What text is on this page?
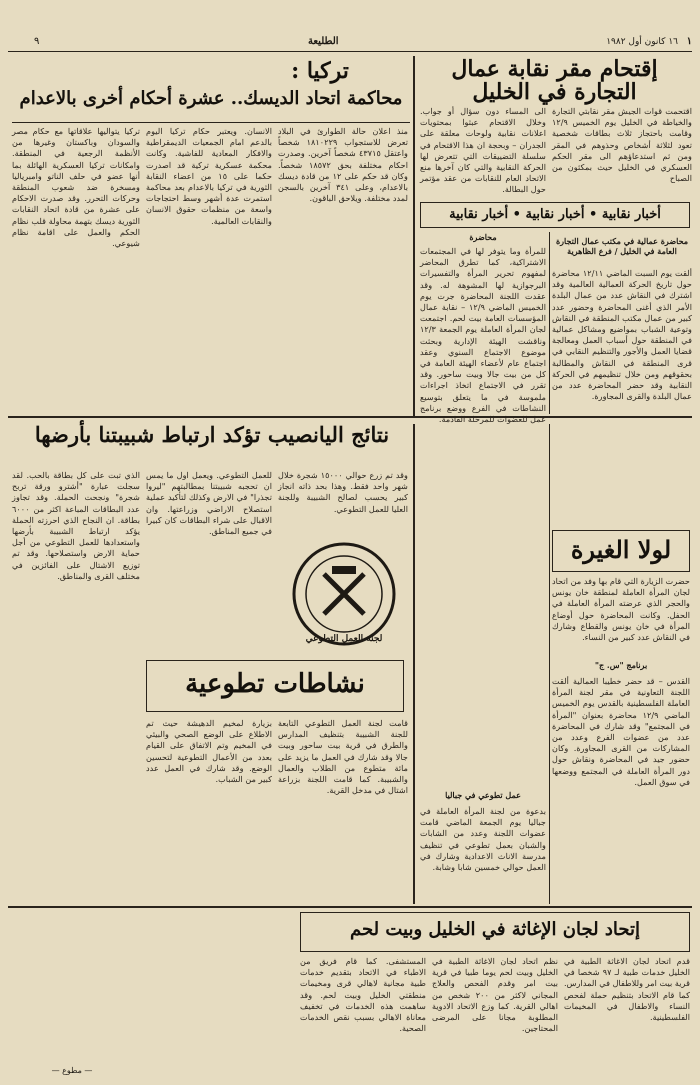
١
١٦ كانون أول ١٩٨٢
الطليعة
٩
إقتحام مقر نقابة عمال التجارة في الخليل
اقتحمت قوات الجيش مقر نقابتي التجارة والخياطة في الخليل يوم الخميس ١٢/٩ وقامت باحتجاز ثلاث بطاقات شخصية تعود لثلاثة أشخاص وحذوهم في المقر ومن ثم استدعاؤهم الى مقر الحكم العسكري في الخليل حيث بمكثون من الصباح
الى المساء دون سؤال أو جواب. وخلال الاقتحام عبثوا بمحتويات اعلانات نقابية ولوحات معلقة على الجدران – وبحجة ان هذا الاقتحام في سلسلة التضييقات التي تتعرض لها الحركة النقابية والتي كان آخرها منع الاتحاد العام للنقابات من عقد مؤتمر حول البطالة.
أخبار نقابية • أخبار نقابية • أخبار نقابية
محاضرة عمالية في مكتب عمال التجارة العامة في الخليل / فرع الظاهرية
ألقت يوم السبت الماضي ١٢/١١ محاضرة حول تاريخ الحركة العمالية العالمية وقد اشترك في النقاش عدد من عمال البلدة الأمر الذي أغنى المحاضرة وحضور عدد كبير من عمال مكتب المنطقة في النقاش وتوعية الشباب بمواضيع ومشاكل عمالية في المنطقة حول أسباب العمل ومعالجة قضايا العمل والأجور والتنظيم النقابي في قرى المنطقة في النقاش والمطالبة بحقوقهم ومن خلال تنظيمهم في الحركة النقابية وقد حضر المحاضرة عدد من عمال البلدة والقرى المجاورة.
محاضرة
للمرأة وما يتوفر لها في المجتمعات الاشتراكية، كما تطرق المحاضر لمفهوم تحرير المرأة والتفسيرات البرجوازية لها المشوهة له. وقد عقدت اللجنة المحاضرة جرت يوم الخميس الماضي ١٢/٩ – نقابة عمال المؤسسات العامة بيت لحم. اجتمعت لجان المرأة العاملة يوم الجمعة ١٢/٣ وناقشت الهيئة الإدارية وبحثت موضوع الاجتماع السنوي وعقد اجتماع عام لأعضاء الهيئة العامة في كل من بيت جالا وبيت ساحور. وقد تقرر في الاجتماع اتخاذ اجراءات ملموسة في ما يتعلق بتوسيع النشاطات في الفرع ووضع برنامج عمل للعضوات للمرحلة القادمة.
تركيا :
محاكمة اتحاد الديسك.. عشرة أحكام أخرى بالاعدام
تركيا يتواليها علاقاتها مع حكام مصر والسودان وباكستان وغيرها من الأنظمة الرجعية في المنطقة. وامكانات تركيا العسكرية الهائلة بما أنها عضو في حلف الناتو وامبرياليا ومسخرة ضد شعوب المنطقة وحركات التحرر. وقد صدرت الاحكام على عشرة من قادة اتحاد النقابات الثورية ديسك بتهمة محاولة قلب نظام الحكم والعمل على اقامة نظام شيوعي.
الانسان. ويعتبر حكام تركيا اليوم بالدعم امام الجمعيات الديمقراطية والافكار المعادية للفاشية. وكانت محكمة عسكرية تركية قد اصدرت حكما على ١٥ من اعضاء النقابة الثورية في تركيا بالاعدام بعد محاكمة استمرت عدة أشهر وسط احتجاجات واسعة من منظمات حقوق الانسان والنقابات العالمية.
منذ اعلان حالة الطوارئ في البلاد تعرض للاستجواب ١٨١٠٢٢٩ شخصاً واعتقل ٤٣٧١٥ شخصاً آخرين. وصدرت احكام مختلفة بحق ١٨٥٧٢ شخصاً. وكان قد حكم على ١٢ من قادة ديسك بالاعدام، وعلى ٣٤١ آخرين بالسجن لمدد مختلفة. ويلاحق الباقون.
نتائج اليانصيب تؤكد ارتباط شبيبتنا بأرضها
الذي تبت على كل بطاقة بالحب. لقد سجلت عبارة "أشترو ورقة تربح شجرة" ونجحت الحملة. وقد تجاوز عدد البطاقات المباعة اكثر من ٦٠٠٠ بطاقة. ان النجاح الذي احرزته الحملة يؤكد ارتباط الشبيبة بأرضها واستعدادها للعمل التطوعي من أجل حماية الارض واستصلاحها. وقد تم توزيع الاشتال على الفائزين في مختلف القرى والمناطق.
للعمل التطوعي. ويعمل اول ما يمس ان تحجبه شبيبتنا بمطالبتهم "ليروا تجذرا" في الارض وكذلك لتأكيد عملية استصلاح الاراضي وزراعتها. وان الاقبال على شراء البطاقات كان كبيرا في جميع المناطق.
وقد تم زرع حوالي ١٥٠٠٠ شجرة خلال شهر واحد فقط. وهذا بحد ذاته انجاز كبير يحسب لصالح الشبيبة وللجنة العليا للعمل التطوعي.
لجنة العمل التطوعي
نشاطات تطوعية
بزيارة لمخيم الدهيشة حيث تم الاطلاع على الوضع الصحي والبيئي في المخيم وتم الاتفاق على القيام بعدد من الأعمال التطوعية لتحسين الوضع. وقد شارك في العمل عدد كبير من الشباب.
قامت لجنة العمل التطوعي التابعة للجنة الشبيبة بتنظيف المدارس والطرق في قرية بيت ساحور وبيت جالا وقد شارك في العمل ما يزيد على مائة متطوع من الطلاب والعمال والشبيبة. كما قامت اللجنة بزراعة اشتال في مدخل القرية.
لولا الغيرة
حضرت الزيارة التي قام بها وفد من اتحاد لجان المرأة العاملة لمنطقة خان يونس والحجر الذي عرضته المرأة العاملة في الحفل. وكانت المحاضرة حول أوضاع المرأة في خان يونس والقطاع وشارك في النقاش عدد كبير من النساء.
برنامج "س. ج"
القدس – قد حضر خطيبا العمالية ألقت اللجنة التعاونية في مقر لجنة المرأة العاملة الفلسطينية بالقدس يوم الخميس الماضي ١٢/٩ محاضرة بعنوان "المرأة في المجتمع" وقد شارك في المحاضرة عدد من عضوات الفرع وعدد من المشاركات من القرى المجاورة. وكان حضور جيد في المحاضرة ونقاش حول دور المرأة العاملة في المجتمع ووضعها في سوق العمل.
عمل تطوعي في جباليا
بدعوة من لجنة المرأة العاملة في جباليا يوم الجمعة الماضي قامت عضوات اللجنة وعدد من الشابات والشبان بعمل تطوعي في تنظيف مدرسة الاناث الاعدادية وشارك في العمل حوالي خمسين شابا وشابة.
إتحاد لجان الإغاثة في الخليل وبيت لحم
المستشفى. كما قام فريق من الاطباء في الاتحاد بتقديم خدمات طبية مجانية لاهالي قرى ومخيمات منطقتي الخليل وبيت لحم. وقد ساهمت هذه الخدمات في تخفيف معاناة الاهالي بسبب نقص الخدمات الصحية.
نظم اتحاد لجان الاغاثة الطبية في الخليل وبيت لحم يوما طبيا في قرية بيت امر وقدم الفحص والعلاج المجاني لاكثر من ٢٠٠ شخص من اهالي القرية. كما وزع الاتحاد الادوية المطلوبة مجانا على المرضى المحتاجين.
قدم اتحاد لجان الاغاثة الطبية في الخليل خدمات طبية لـ ٩٧ شخصا في قرية بيت امر وللاطفال في المدارس. كما قام الاتحاد بتنظيم حملة لفحص النساء والاطفال في المخيمات الفلسطينية.
— مطوع —
